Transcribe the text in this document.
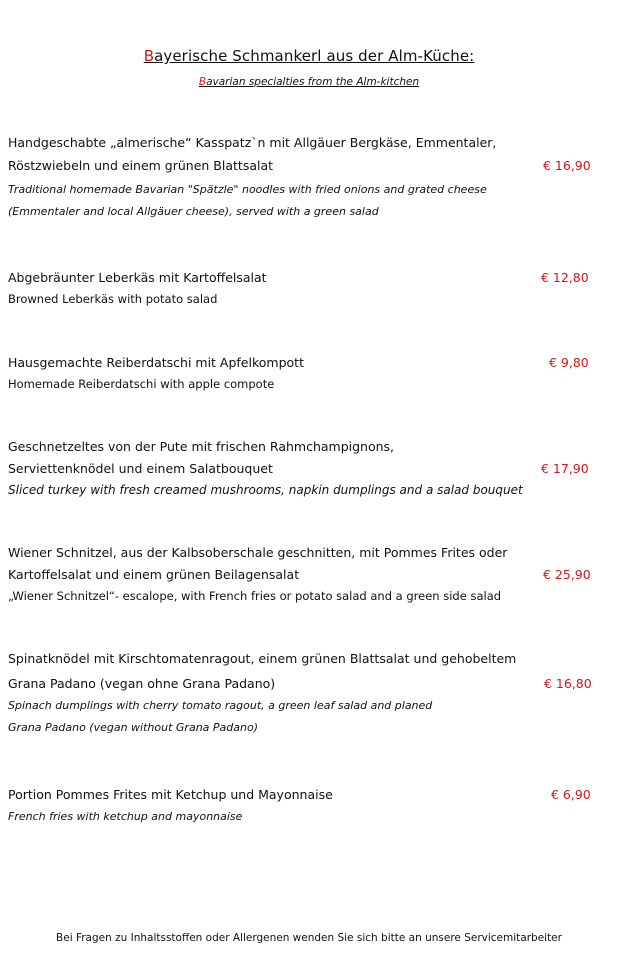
Bayerische Schmankerl aus der Alm-Küche:
Bavarian specialties from the Alm-kitchen
Handgeschabte „almerische“ Kasspatz`n mit Allgäuer Bergkäse, Emmentaler,
Röstzwiebeln und einem grünen Blattsalat	€ 16,90
Traditional homemade Bavarian "Spätzle" noodles with fried onions and grated cheese
(Emmentaler and local Allgäuer cheese), served with a green salad
Abgebräunter Leberkäs mit Kartoffelsalat	€ 12,80
Browned Leberkäs with potato salad
Hausgemachte Reiberdatschi mit Apfelkompott	€ 9,80
Homemade Reiberdatschi with apple compote
Geschnetzeltes von der Pute mit frischen Rahmchampignons,
Serviettenknödel und einem Salatbouquet	€ 17,90
Sliced turkey with fresh creamed mushrooms, napkin dumplings and a salad bouquet
Wiener Schnitzel, aus der Kalbsoberschale geschnitten, mit Pommes Frites oder
Kartoffelsalat und einem grünen Beilagensalat	€ 25,90
„Wiener Schnitzel“- escalope, with French fries or potato salad and a green side salad
Spinatknödel mit Kirschtomatenragout, einem grünen Blattsalat und gehobeltem
Grana Padano (vegan ohne Grana Padano)	€ 16,80
Spinach dumplings with cherry tomato ragout, a green leaf salad and planed
Grana Padano (vegan without Grana Padano)
Portion Pommes Frites mit Ketchup und Mayonnaise	€ 6,90
French fries with ketchup and mayonnaise
Bei Fragen zu Inhaltsstoffen oder Allergenen wenden Sie sich bitte an unsere Servicemitarbeiter
